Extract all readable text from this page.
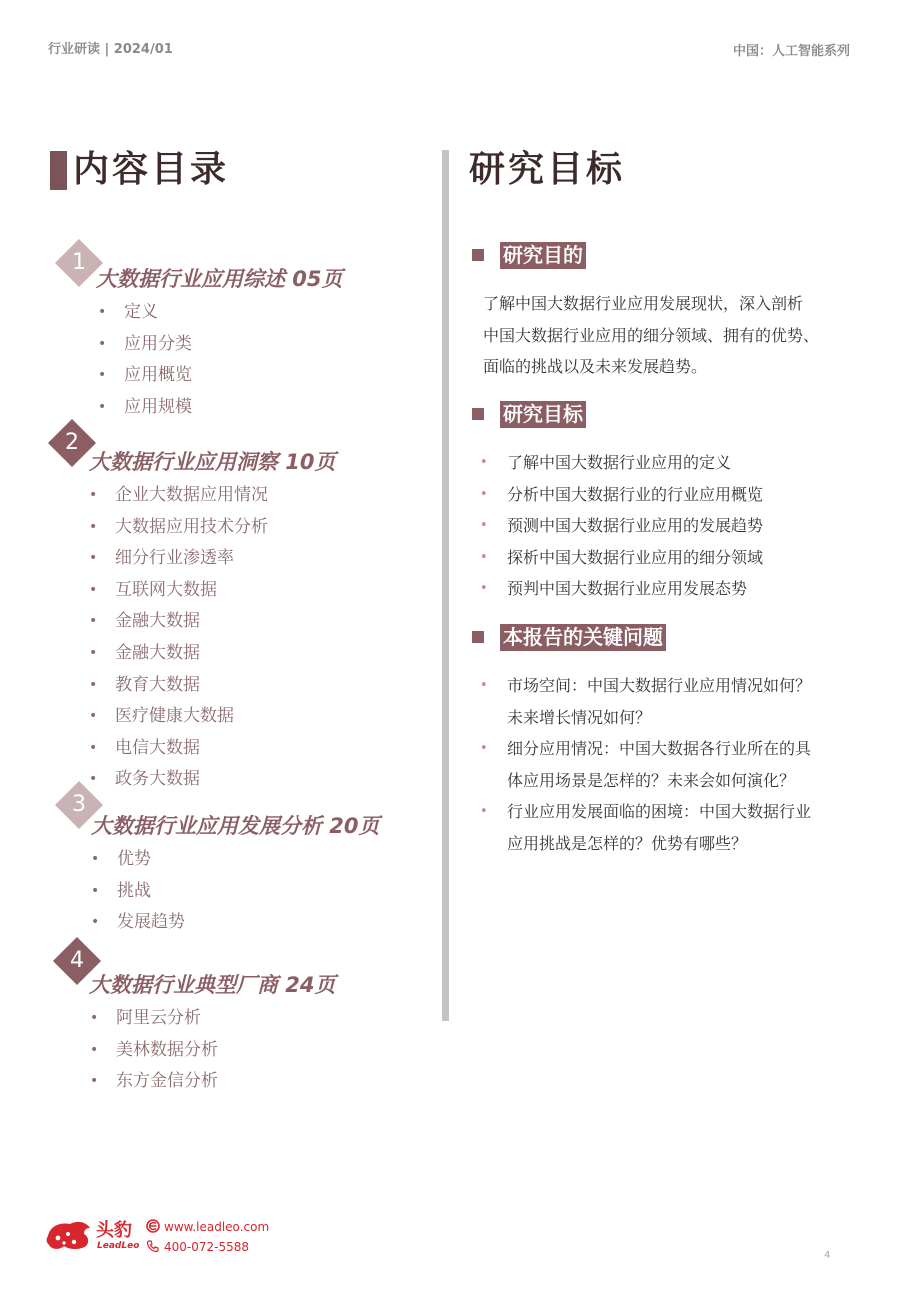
行业研读 | 2024/01	中国：人工智能系列
内容目录
1
大数据行业应用综述 05页
• 定义
• 应用分类
• 应用概览
• 应用规模
2
大数据行业应用洞察 10页
• 企业大数据应用情况
• 大数据应用技术分析
• 细分行业渗透率
• 互联网大数据
• 金融大数据
• 金融大数据
• 教育大数据
• 医疗健康大数据
• 电信大数据
• 政务大数据
3
大数据行业应用发展分析 20页
• 优势
• 挑战
• 发展趋势
4
大数据行业典型厂商 24页
• 阿里云分析
• 美林数据分析
• 东方金信分析
研究目标
研究目的
了解中国大数据行业应用发展现状，深入剖析
中国大数据行业应用的细分领域、拥有的优势、
面临的挑战以及未来发展趋势。
研究目标
• 了解中国大数据行业应用的定义
• 分析中国大数据行业的行业应用概览
• 预测中国大数据行业应用的发展趋势
• 探析中国大数据行业应用的细分领域
• 预判中国大数据行业应用发展态势
本报告的关键问题
• 市场空间：中国大数据行业应用情况如何？
未来增长情况如何？
• 细分应用情况：中国大数据各行业所在的具
体应用场景是怎样的？未来会如何演化？
• 行业应用发展面临的困境：中国大数据行业
应用挑战是怎样的？优势有哪些？
头豹
LeadLeo
www.leadleo.com
400-072-5588
4
